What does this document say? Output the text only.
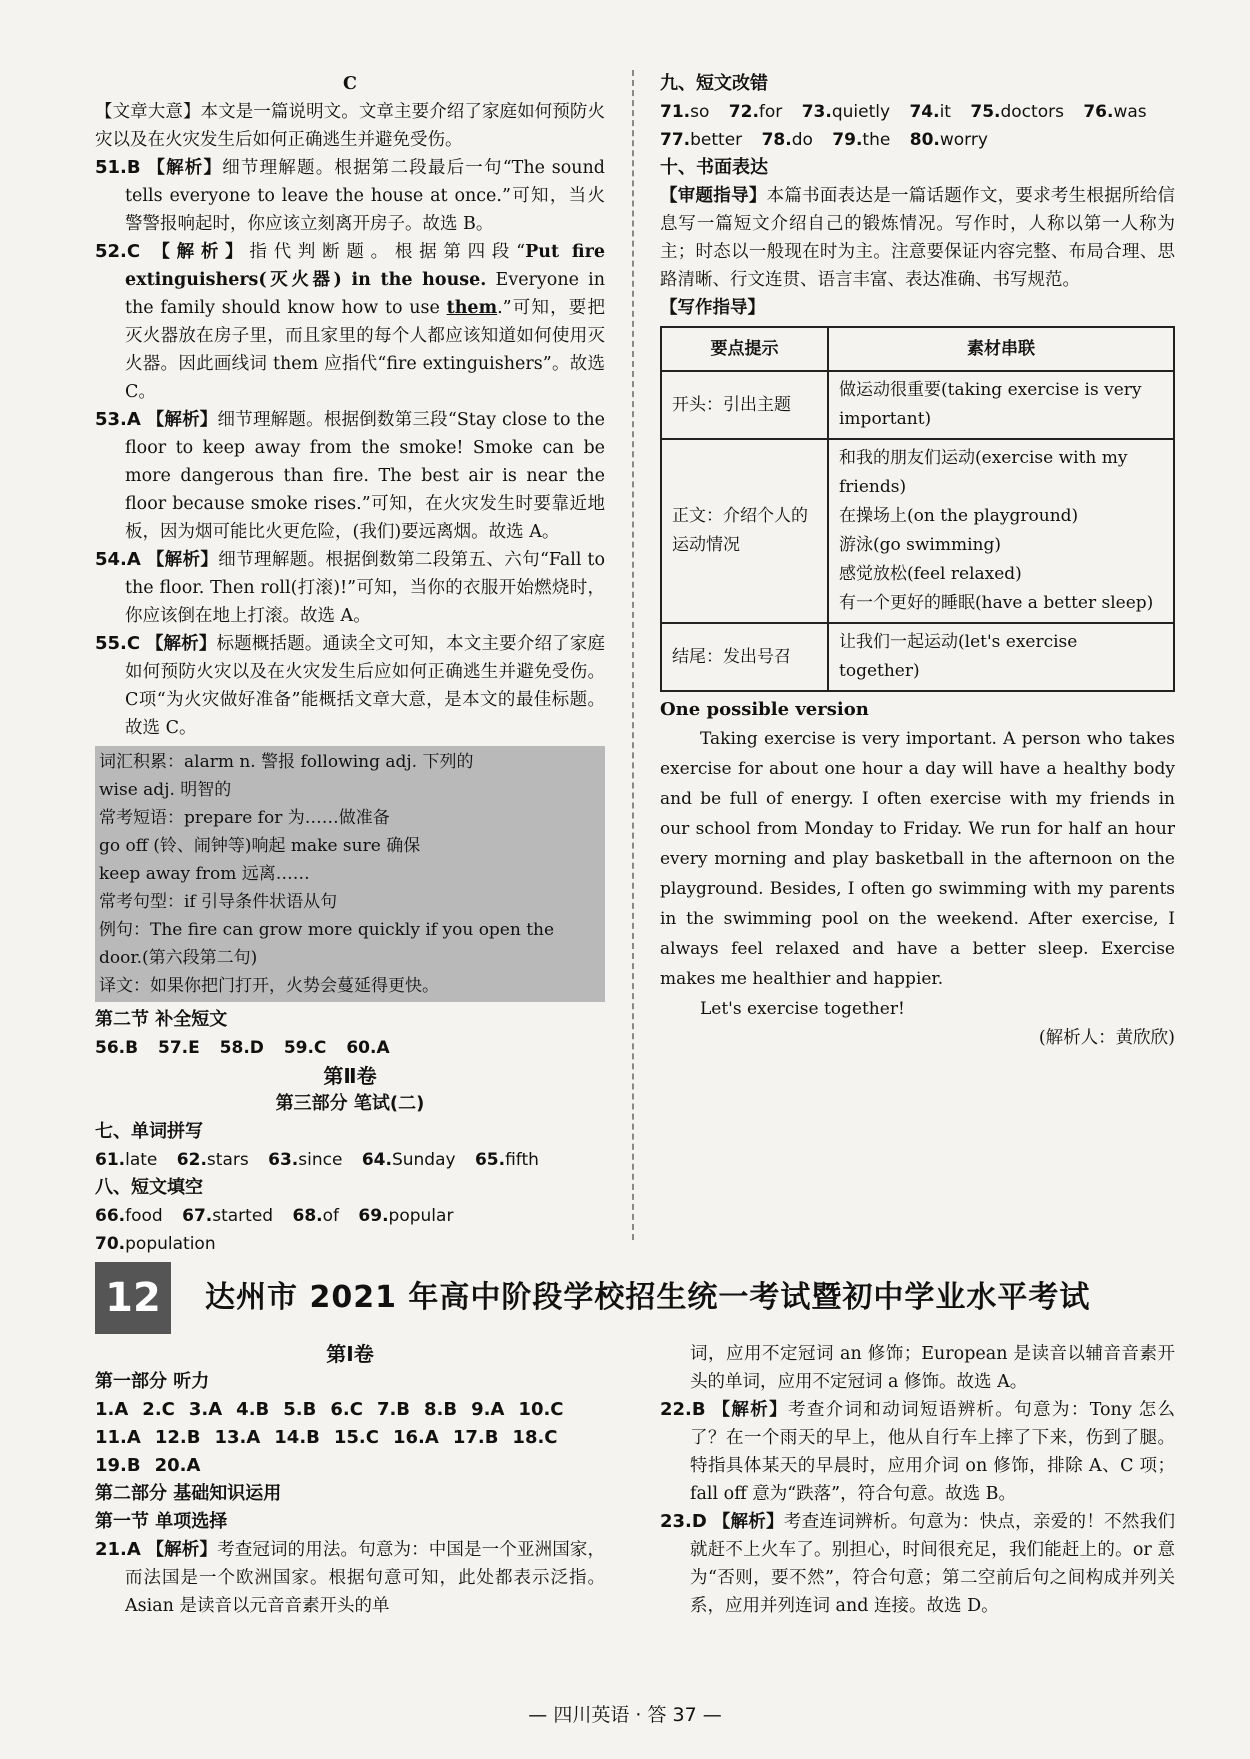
C

【文章大意】本文是一篇说明文。文章主要介绍了家庭如何预防火灾以及在火灾发生后如何正确逃生并避免受伤。

51.B 【解析】细节理解题。根据第二段最后一句“The sound tells everyone to leave the house at once.”可知，当火警警报响起时，你应该立刻离开房子。故选 B。

52.C 【解析】指代判断题。根据第四段“Put fire extinguishers(灭火器) in the house. Everyone in the family should know how to use them.”可知，要把灭火器放在房子里，而且家里的每个人都应该知道如何使用灭火器。因此画线词 them 应指代“fire extinguishers”。故选 C。

53.A 【解析】细节理解题。根据倒数第三段“Stay close to the floor to keep away from the smoke! Smoke can be more dangerous than fire. The best air is near the floor because smoke rises.”可知，在火灾发生时要靠近地板，因为烟可能比火更危险，(我们)要远离烟。故选 A。

54.A 【解析】细节理解题。根据倒数第二段第五、六句“Fall to the floor. Then roll(打滚)!”可知，当你的衣服开始燃烧时，你应该倒在地上打滚。故选 A。

55.C 【解析】标题概括题。通读全文可知，本文主要介绍了家庭如何预防火灾以及在火灾发生后应如何正确逃生并避免受伤。C项“为火灾做好准备”能概括文章大意，是本文的最佳标题。故选 C。

词汇积累：alarm n. 警报 following adj. 下列的

wise adj. 明智的

常考短语：prepare for 为……做准备

go off (铃、闹钟等)响起 make sure 确保

keep away from 远离……

常考句型：if 引导条件状语从句

例句：The fire can grow more quickly if you open the door.(第六段第二句)

译文：如果你把门打开，火势会蔓延得更快。

第二节 补全短文

56.B 57.E 58.D 59.C 60.A

第Ⅱ卷

第三部分 笔试(二)

七、单词拼写

61.late 62.stars 63.since 64.Sunday 65.fifth

八、短文填空

66.food 67.started 68.of 69.popular 70.population

九、短文改错

71.so 72.for 73.quietly 74.it 75.doctors 76.was

77.better 78.do 79.the 80.worry

十、书面表达

【审题指导】本篇书面表达是一篇话题作文，要求考生根据所给信息写一篇短文介绍自己的锻炼情况。写作时，人称以第一人称为主；时态以一般现在时为主。注意要保证内容完整、布局合理、思路清晰、行文连贯、语言丰富、表达准确、书写规范。

【写作指导】

要点提示	素材串联
开头：引出主题	做运动很重要(taking exercise is very important)

正文：介绍个人的运动情况	和我的朋友们运动(exercise with my friends)
在操场上(on the playground)
游泳(go swimming)
感觉放松(feel relaxed)
有一个更好的睡眠(have a better sleep)

结尾：发出号召	让我们一起运动(let's exercise together)

One possible version

Taking exercise is very important. A person who takes exercise for about one hour a day will have a healthy body and be full of energy. I often exercise with my friends in our school from Monday to Friday. We run for half an hour every morning and play basketball in the afternoon on the playground. Besides, I often go swimming with my parents in the swimming pool on the weekend. After exercise, I always feel relaxed and have a better sleep. Exercise makes me healthier and happier.

Let's exercise together!

(解析人：黄欣欣)

12	达州市 2021 年高中阶段学校招生统一考试暨初中学业水平考试

第Ⅰ卷

第一部分 听力

1.A 2.C 3.A 4.B 5.B 6.C 7.B 8.B 9.A 10.C

11.A 12.B 13.A 14.B 15.C 16.A 17.B 18.C

19.B 20.A

第二部分 基础知识运用

第一节 单项选择

21.A 【解析】考查冠词的用法。句意为：中国是一个亚洲国家，而法国是一个欧洲国家。根据句意可知，此处都表示泛指。Asian 是读音以元音音素开头的单

词，应用不定冠词 an 修饰；European 是读音以辅音音素开头的单词，应用不定冠词 a 修饰。故选 A。

22.B 【解析】考查介词和动词短语辨析。句意为：Tony 怎么了？在一个雨天的早上，他从自行车上摔了下来，伤到了腿。特指具体某天的早晨时，应用介词 on 修饰，排除 A、C 项；fall off 意为“跌落”，符合句意。故选 B。

23.D 【解析】考查连词辨析。句意为：快点，亲爱的！不然我们就赶不上火车了。别担心，时间很充足，我们能赶上的。or 意为“否则，要不然”，符合句意；第二空前后句之间构成并列关系，应用并列连词 and 连接。故选 D。

— 四川英语 · 答 37 —
